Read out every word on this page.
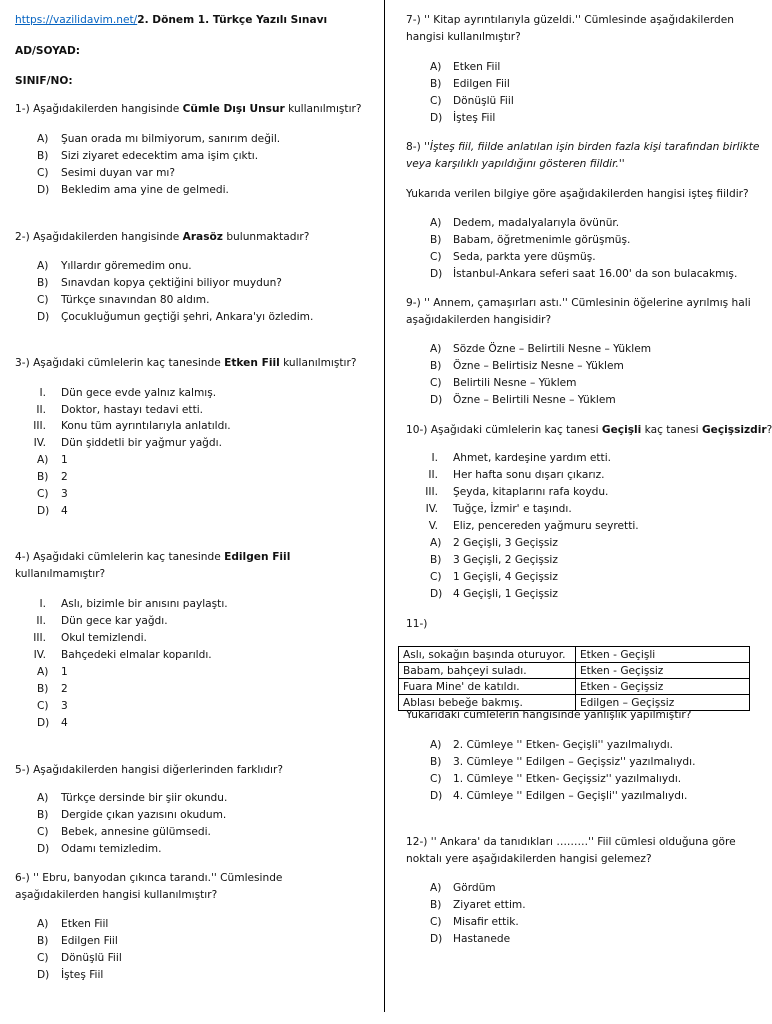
https://vazilidavim.net/2. Dönem 1. Türkçe Yazılı Sınavı
AD/SOYAD:
SINIF/NO:
1-) Aşağıdakilerden hangisinde Cümle Dışı Unsur kullanılmıştır?
A) Şuan orada mı bilmiyorum, sanırım değil.
B) Sizi ziyaret edecektim ama işim çıktı.
C) Sesimi duyan var mı?
D) Bekledim ama yine de gelmedi.
2-) Aşağıdakilerden hangisinde Arasöz bulunmaktadır?
A) Yıllardır göremedim onu.
B) Sınavdan kopya çektiğini biliyor muydun?
C) Türkçe sınavından 80 aldım.
D) Çocukluğumun geçtiği şehri, Ankara'yı özledim.
3-) Aşağıdaki cümlelerin kaç tanesinde Etken Fiil kullanılmıştır?
I. Dün gece evde yalnız kalmış.
II. Doktor, hastayı tedavi etti.
III. Konu tüm ayrıntılarıyla anlatıldı.
IV. Dün şiddetli bir yağmur yağdı.
A) 1
B) 2
C) 3
D) 4
4-) Aşağıdaki cümlelerin kaç tanesinde Edilgen Fiil
kullanılmamıştır?
I. Aslı, bizimle bir anısını paylaştı.
II. Dün gece kar yağdı.
III. Okul temizlendi.
IV. Bahçedeki elmalar koparıldı.
A) 1
B) 2
C) 3
D) 4
5-) Aşağıdakilerden hangisi diğerlerinden farklıdır?
A) Türkçe dersinde bir şiir okundu.
B) Dergide çıkan yazısını okudum.
C) Bebek, annesine gülümsedi.
D) Odamı temizledim.
6-) '' Ebru, banyodan çıkınca tarandı.'' Cümlesinde
aşağıdakilerden hangisi kullanılmıştır?
A) Etken Fiil
B) Edilgen Fiil
C) Dönüşlü Fiil
D) İşteş Fiil
7-) '' Kitap ayrıntılarıyla güzeldi.'' Cümlesinde aşağıdakilerden
hangisi kullanılmıştır?
A) Etken Fiil
B) Edilgen Fiil
C) Dönüşlü Fiil
D) İşteş Fiil
8-) ''İşteş fiil, fiilde anlatılan işin birden fazla kişi tarafından birlikte
veya karşılıklı yapıldığını gösteren fiildir.''
Yukarıda verilen bilgiye göre aşağıdakilerden hangisi işteş fiildir?
A) Dedem, madalyalarıyla övünür.
B) Babam, öğretmenimle görüşmüş.
C) Seda, parkta yere düşmüş.
D) İstanbul-Ankara seferi saat 16.00' da son bulacakmış.
9-) '' Annem, çamaşırları astı.'' Cümlesinin öğelerine ayrılmış hali
aşağıdakilerden hangisidir?
A) Sözde Özne – Belirtili Nesne – Yüklem
B) Özne – Belirtisiz Nesne – Yüklem
C) Belirtili Nesne – Yüklem
D) Özne – Belirtili Nesne – Yüklem
10-) Aşağıdaki cümlelerin kaç tanesi Geçişli kaç tanesi Geçişsizdir?
I. Ahmet, kardeşine yardım etti.
II. Her hafta sonu dışarı çıkarız.
III. Şeyda, kitaplarını rafa koydu.
IV. Tuğçe, İzmir' e taşındı.
V. Eliz, pencereden yağmuru seyretti.
A) 2 Geçişli, 3 Geçişsiz
B) 3 Geçişli, 2 Geçişsiz
C) 1 Geçişli, 4 Geçişsiz
D) 4 Geçişli, 1 Geçişsiz
11-)
Aslı, sokağın başında oturuyor.	Etken - Geçişli
Babam, bahçeyi suladı.	Etken - Geçişsiz
Fuara Mine' de katıldı.	Etken - Geçişsiz
Ablası bebeğe bakmış.	Edilgen – Geçişsiz
Yukarıdaki cümlelerin hangisinde yanlışlık yapılmıştır?
A) 2. Cümleye '' Etken- Geçişli'' yazılmalıydı.
B) 3. Cümleye '' Edilgen – Geçişsiz'' yazılmalıydı.
C) 1. Cümleye '' Etken- Geçişsiz'' yazılmalıydı.
D) 4. Cümleye '' Edilgen – Geçişli'' yazılmalıydı.
12-) '' Ankara' da tanıdıkları ………'' Fiil cümlesi olduğuna göre
noktalı yere aşağıdakilerden hangisi gelemez?
A) Gördüm
B) Ziyaret ettim.
C) Misafir ettik.
D) Hastanede
